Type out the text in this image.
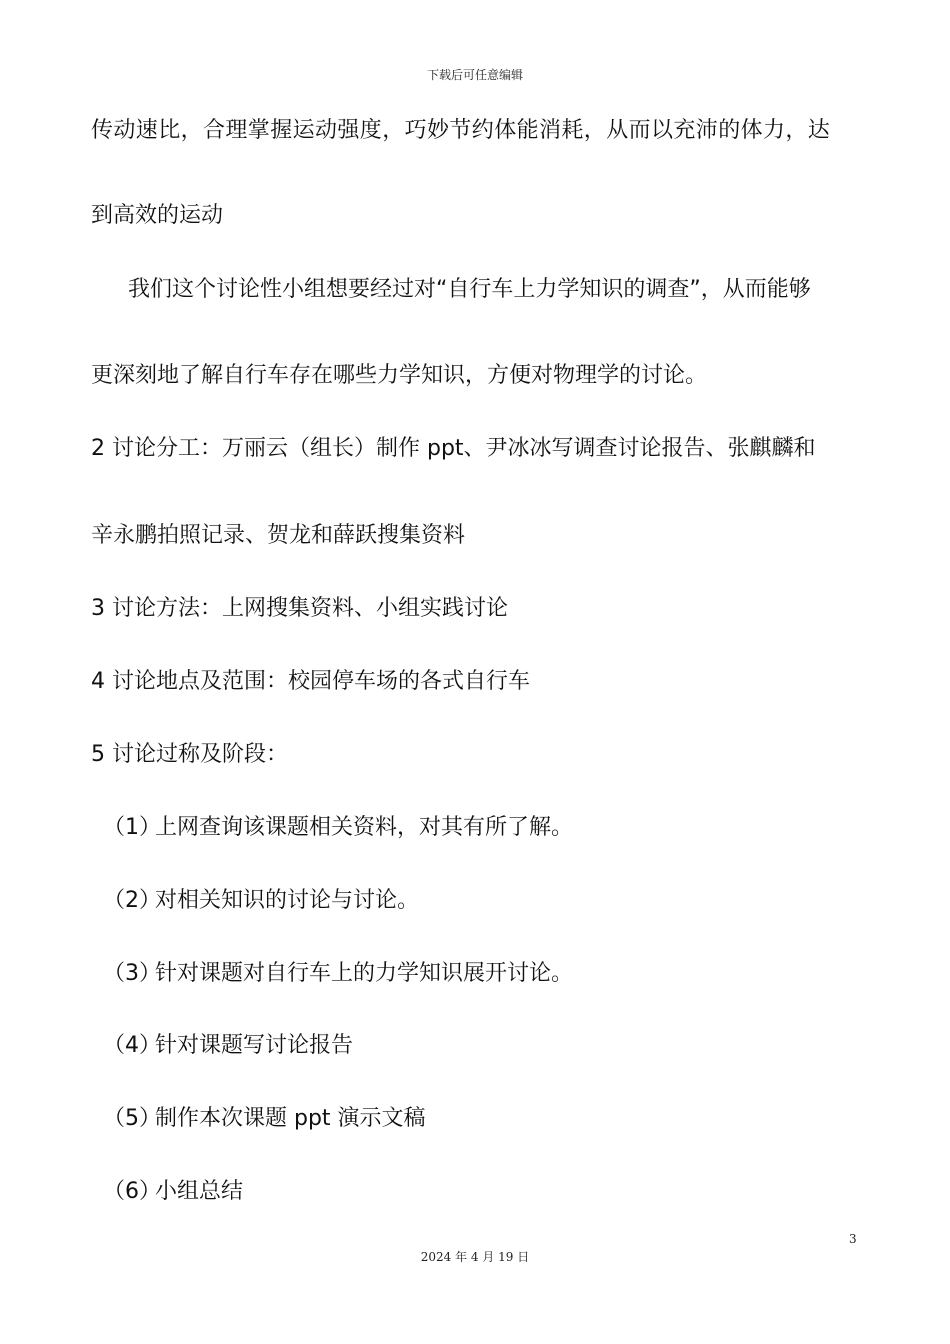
下载后可任意编辑
传动速比，合理掌握运动强度，巧妙节约体能消耗，从而以充沛的体力，达
到高效的运动
我们这个讨论性小组想要经过对“自行车上力学知识的调查”，从而能够
更深刻地了解自行车存在哪些力学知识，方便对物理学的讨论。
2 讨论分工：万丽云（组长）制作 ppt、尹冰冰写调查讨论报告、张麒麟和
辛永鹏拍照记录、贺龙和薛跃搜集资料
3 讨论方法：上网搜集资料、小组实践讨论
4 讨论地点及范围：校园停车场的各式自行车
5 讨论过称及阶段：
（1）上网查询该课题相关资料，对其有所了解。
（2）对相关知识的讨论与讨论。
（3）针对课题对自行车上的力学知识展开讨论。
（4）针对课题写讨论报告
（5）制作本次课题 ppt 演示文稿
（6）小组总结
3
2024 年 4 月 19 日
